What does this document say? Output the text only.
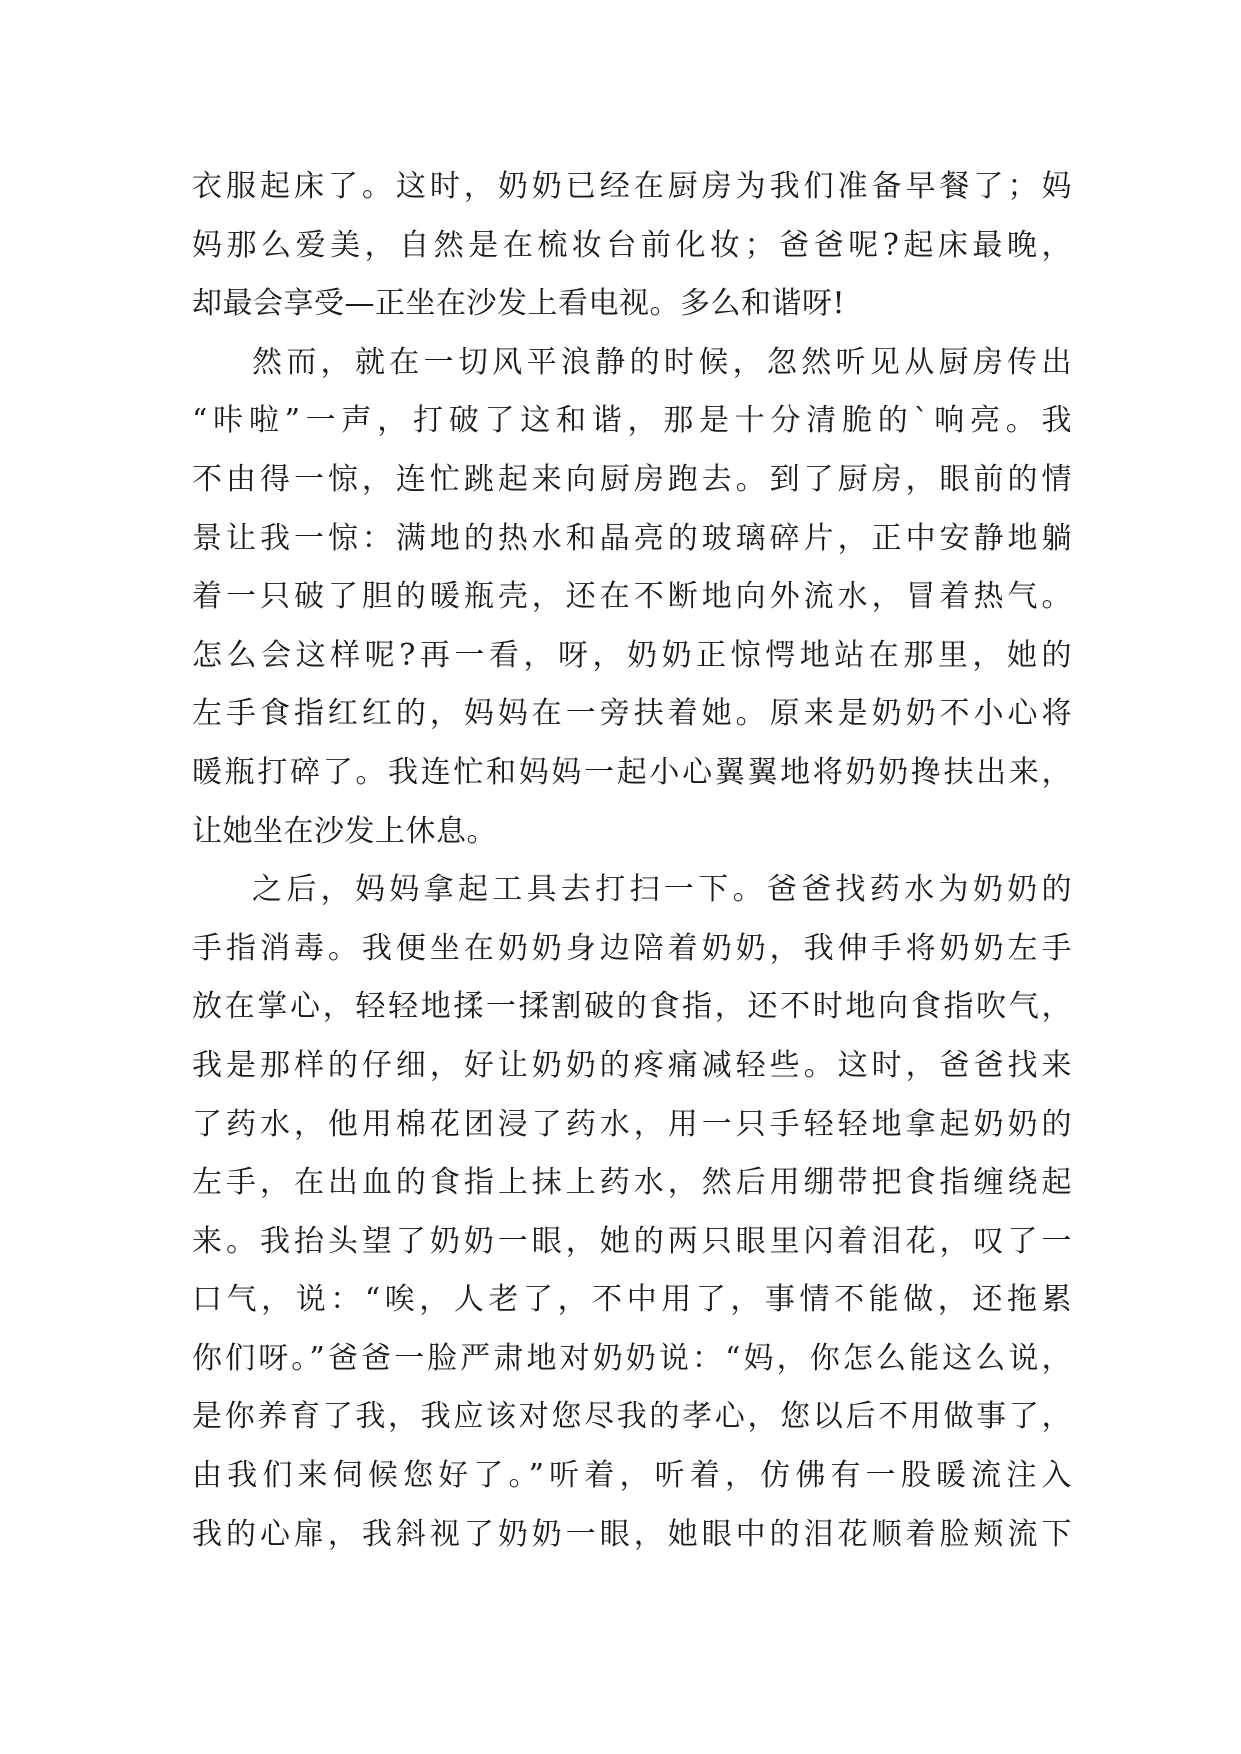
衣服起床了。这时，奶奶已经在厨房为我们准备早餐了；妈
妈那么爱美，自然是在梳妆台前化妆；爸爸呢?起床最晚，
却最会享受—正坐在沙发上看电视。多么和谐呀!
然而，就在一切风平浪静的时候，忽然听见从厨房传出
“咔啦”一声，打破了这和谐，那是十分清脆的`响亮。我
不由得一惊，连忙跳起来向厨房跑去。到了厨房，眼前的情
景让我一惊：满地的热水和晶亮的玻璃碎片，正中安静地躺
着一只破了胆的暖瓶壳，还在不断地向外流水，冒着热气。
怎么会这样呢?再一看，呀，奶奶正惊愕地站在那里，她的
左手食指红红的，妈妈在一旁扶着她。原来是奶奶不小心将
暖瓶打碎了。我连忙和妈妈一起小心翼翼地将奶奶搀扶出来，
让她坐在沙发上休息。
之后，妈妈拿起工具去打扫一下。爸爸找药水为奶奶的
手指消毒。我便坐在奶奶身边陪着奶奶，我伸手将奶奶左手
放在掌心，轻轻地揉一揉割破的食指，还不时地向食指吹气，
我是那样的仔细，好让奶奶的疼痛减轻些。这时，爸爸找来
了药水，他用棉花团浸了药水，用一只手轻轻地拿起奶奶的
左手，在出血的食指上抹上药水，然后用绷带把食指缠绕起
来。我抬头望了奶奶一眼，她的两只眼里闪着泪花，叹了一
口气，说：“唉，人老了，不中用了，事情不能做，还拖累
你们呀。”爸爸一脸严肃地对奶奶说：“妈，你怎么能这么说，
是你养育了我，我应该对您尽我的孝心，您以后不用做事了，
由我们来伺候您好了。”听着，听着，仿佛有一股暖流注入
我的心扉，我斜视了奶奶一眼，她眼中的泪花顺着脸颊流下
